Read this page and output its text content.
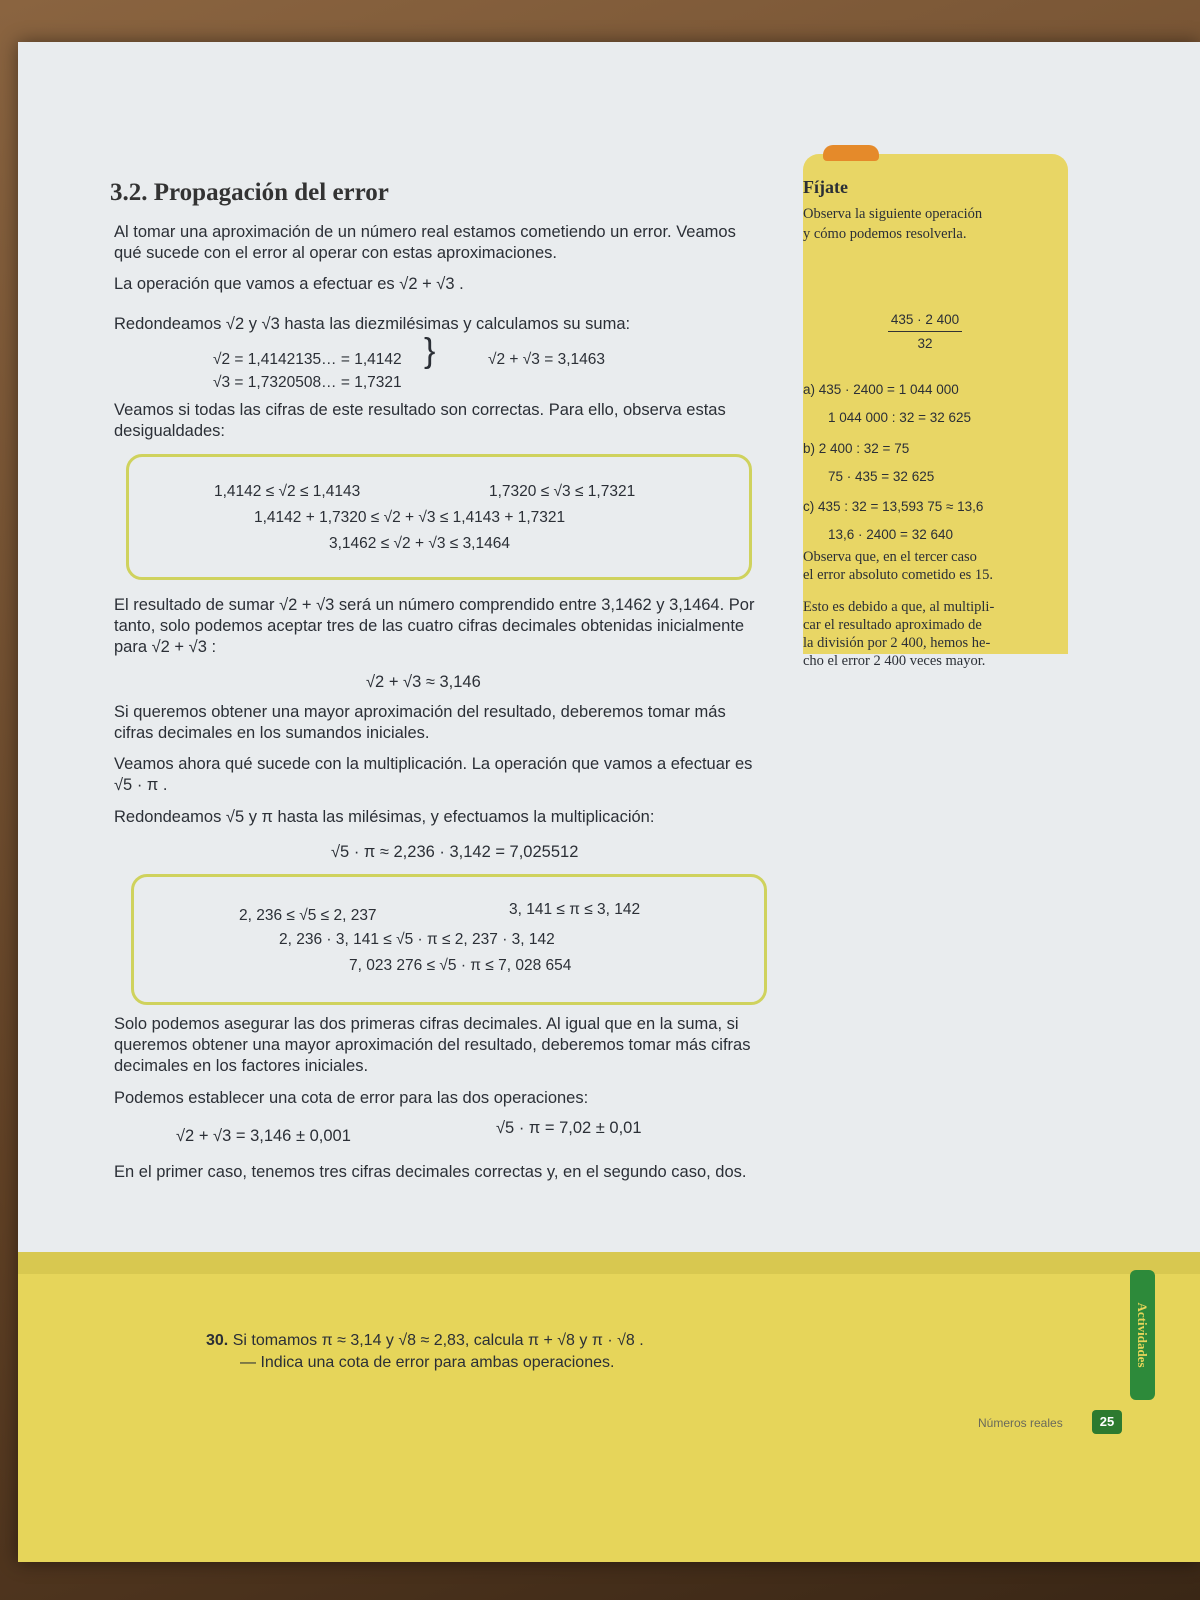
3.2. Propagación del error
Al tomar una aproximación de un número real estamos cometiendo un error. Veamos qué sucede con el error al operar con estas aproximaciones.
La operación que vamos a efectuar es √2 + √3 .
Redondeamos √2 y √3 hasta las diezmilésimas y calculamos su suma:
√2 = 1,4142135… = 1,4142
√3 = 1,7320508… = 1,7321
}	√2 + √3 = 3,1463
Veamos si todas las cifras de este resultado son correctas. Para ello, observa estas desigualdades:
1,4142 ≤ √2 ≤ 1,4143	1,7320 ≤ √3 ≤ 1,7321
1,4142 + 1,7320 ≤ √2 + √3 ≤ 1,4143 + 1,7321
3,1462 ≤ √2 + √3 ≤ 3,1464
El resultado de sumar √2 + √3 será un número comprendido entre 3,1462 y 3,1464. Por tanto, solo podemos aceptar tres de las cuatro cifras decimales obtenidas inicialmente para √2 + √3 :
√2 + √3 ≈ 3,146
Si queremos obtener una mayor aproximación del resultado, deberemos tomar más cifras decimales en los sumandos iniciales.
Veamos ahora qué sucede con la multiplicación. La operación que vamos a efectuar es √5 · π .
Redondeamos √5 y π hasta las milésimas, y efectuamos la multiplicación:
√5 · π ≈ 2,236 · 3,142 = 7,025512
2, 236 ≤ √5 ≤ 2, 237	3, 141 ≤ π ≤ 3, 142
2, 236 · 3, 141 ≤ √5 · π ≤ 2, 237 · 3, 142
7, 023 276 ≤ √5 · π ≤ 7, 028 654
Solo podemos asegurar las dos primeras cifras decimales. Al igual que en la suma, si queremos obtener una mayor aproximación del resultado, deberemos tomar más cifras decimales en los factores iniciales.
Podemos establecer una cota de error para las dos operaciones:
√2 + √3 = 3,146 ± 0,001	√5 · π = 7,02 ± 0,01
En el primer caso, tenemos tres cifras decimales correctas y, en el segundo caso, dos.
Fíjate
Observa la siguiente operación
y cómo podemos resolverla.
435 · 2 400
32
a) 435 · 2400 = 1 044 000
1 044 000 : 32 = 32 625
b) 2 400 : 32 = 75
75 · 435 = 32 625
c) 435 : 32 = 13,593 75 ≈ 13,6
13,6 · 2400 = 32 640
Observa que, en el tercer caso
el error absoluto cometido es 15.
Esto es debido a que, al multipli-
car el resultado aproximado de
la división por 2 400, hemos he-
cho el error 2 400 veces mayor.
30. Si tomamos π ≈ 3,14 y √8 ≈ 2,83, calcula π + √8 y π · √8 .
— Indica una cota de error para ambas operaciones.	Actividades
Números reales	25
